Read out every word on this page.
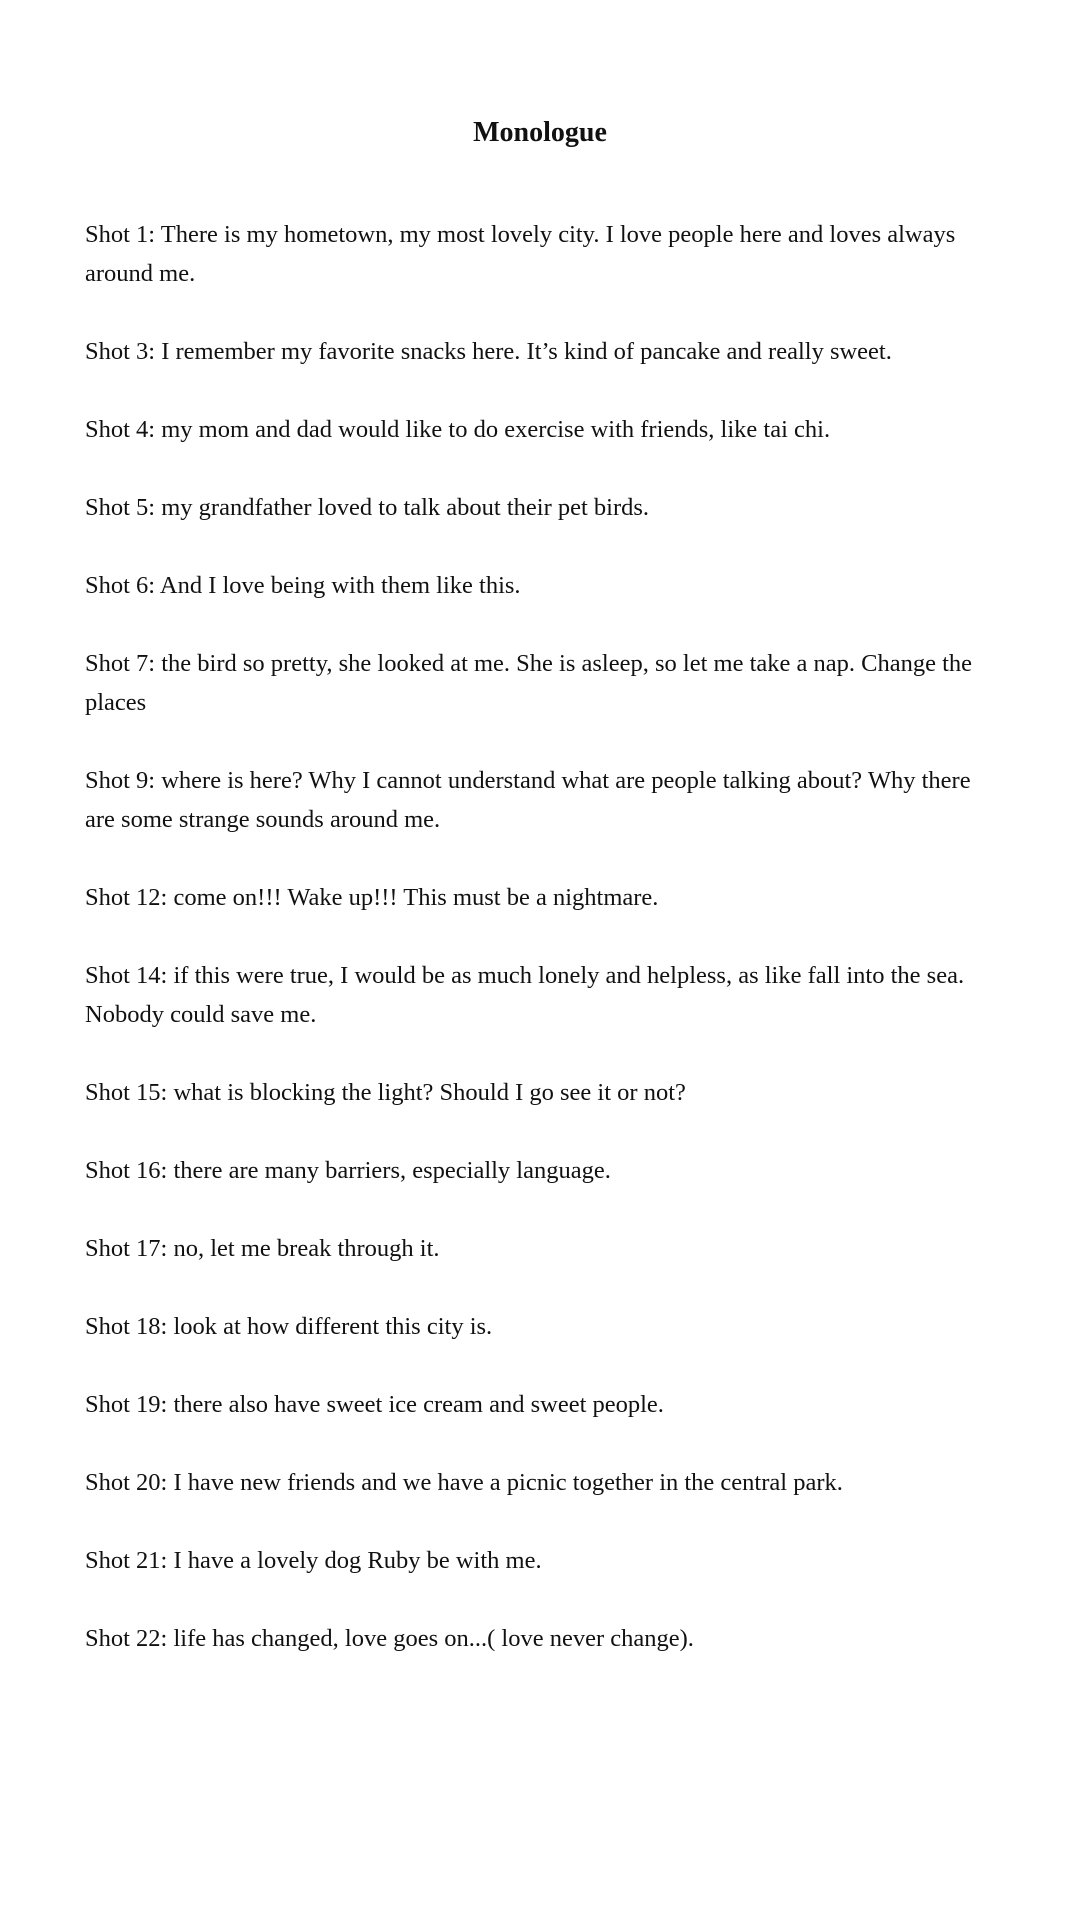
Monologue

Shot 1: There is my hometown, my most lovely city. I love people here and loves always around me.

Shot 3: I remember my favorite snacks here. It’s kind of pancake and really sweet.

Shot 4: my mom and dad would like to do exercise with friends, like tai chi.

Shot 5: my grandfather loved to talk about their pet birds.

Shot 6: And I love being with them like this.

Shot 7: the bird so pretty, she looked at me. She is asleep, so let me take a nap. Change the places

Shot 9: where is here? Why I cannot understand what are people talking about? Why there are some strange sounds around me.

Shot 12: come on!!! Wake up!!! This must be a nightmare.

Shot 14: if this were true, I would be as much lonely and helpless, as like fall into the sea. Nobody could save me.

Shot 15: what is blocking the light? Should I go see it or not?

Shot 16: there are many barriers, especially language.

Shot 17: no, let me break through it.

Shot 18: look at how different this city is.

Shot 19: there also have sweet ice cream and sweet people.

Shot 20: I have new friends and we have a picnic together in the central park.

Shot 21: I have a lovely dog Ruby be with me.

Shot 22: life has changed, love goes on...( love never change).
